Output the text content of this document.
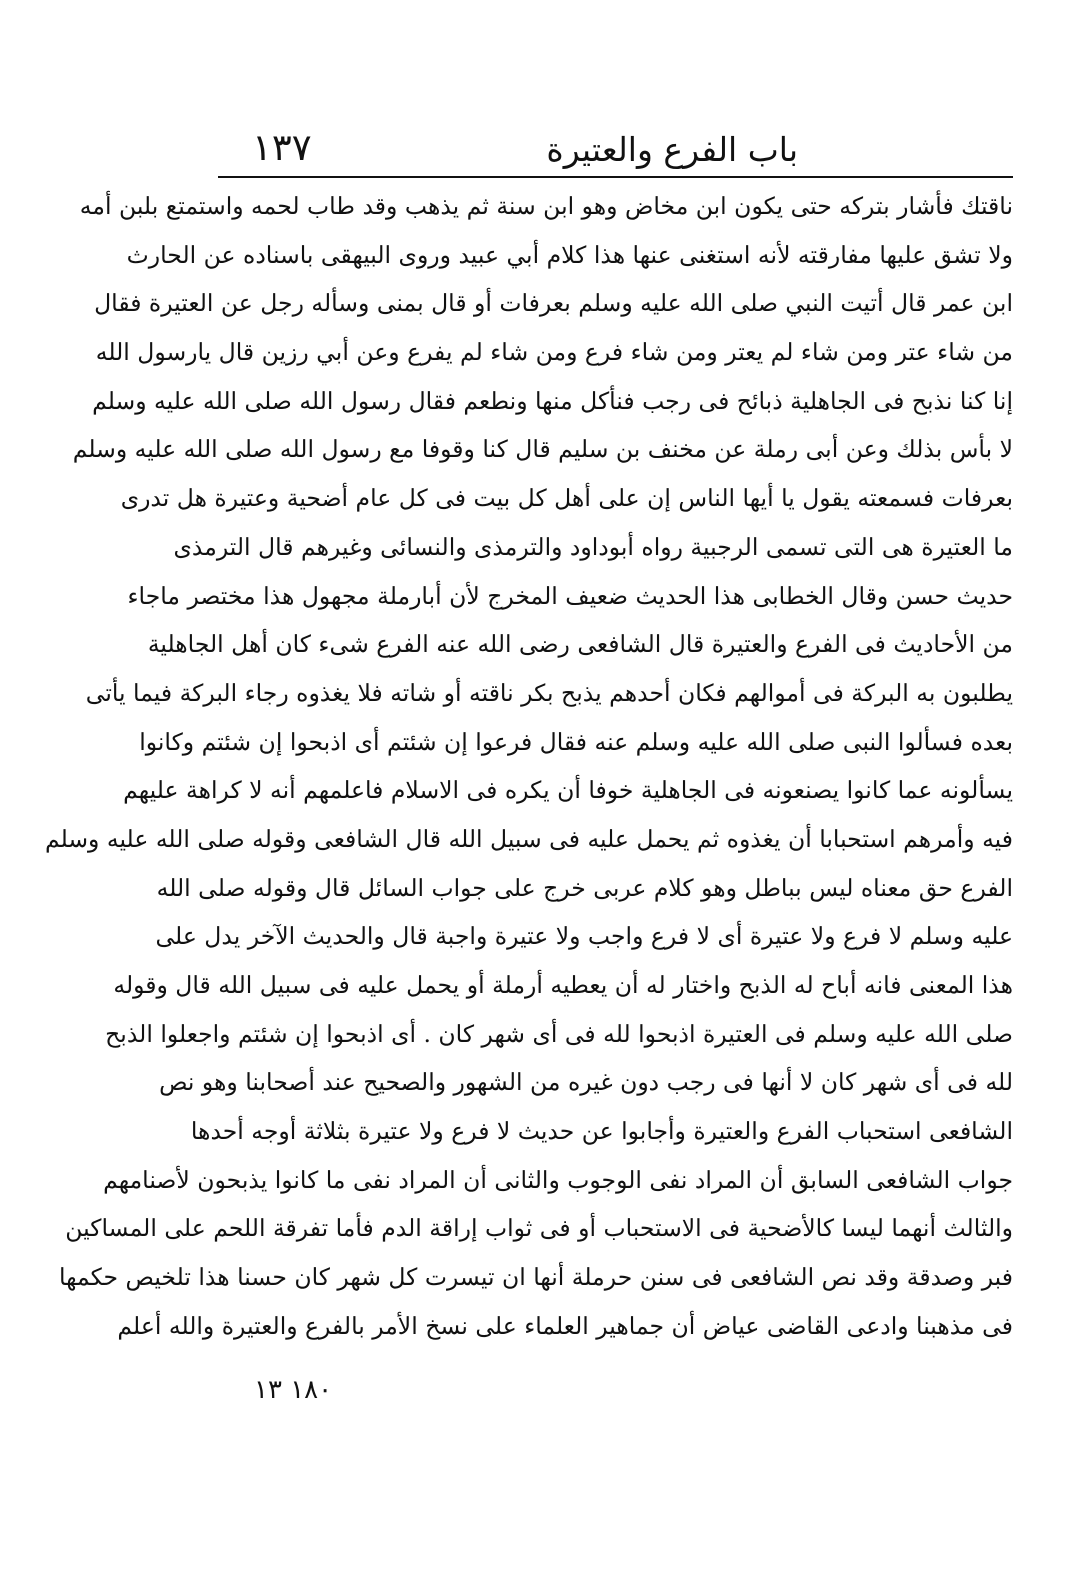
باب الفرع والعتيرة
١٣٧
ناقتك فأشار بتركه حتى يكون ابن مخاض وهو ابن سنة ثم يذهب وقد طاب لحمه واستمتع بلبن أمه
ولا تشق عليها مفارقته لأنه استغنى عنها هذا كلام أبي عبيد وروى البيهقى باسناده عن الحارث
ابن عمر قال أتيت النبي صلى الله عليه وسلم بعرفات أو قال بمنى وسأله رجل عن العتيرة فقال
من شاء عتر ومن شاء لم يعتر ومن شاء فرع ومن شاء لم يفرع وعن أبي رزين قال يارسول الله
إنا كنا نذبح فى الجاهلية ذبائح فى رجب فنأكل منها ونطعم فقال رسول الله صلى الله عليه وسلم
لا بأس بذلك وعن أبى رملة عن مخنف بن سليم قال كنا وقوفا مع رسول الله صلى الله عليه وسلم
بعرفات فسمعته يقول يا أيها الناس إن على أهل كل بيت فى كل عام أضحية وعتيرة هل تدرى
ما العتيرة هى التى تسمى الرجبية رواه أبوداود والترمذى والنسائى وغيرهم قال الترمذى
حديث حسن وقال الخطابى هذا الحديث ضعيف المخرج لأن أبارملة مجهول هذا مختصر ماجاء
من الأحاديث فى الفرع والعتيرة قال الشافعى رضى الله عنه الفرع شىء كان أهل الجاهلية
يطلبون به البركة فى أموالهم فكان أحدهم يذبح بكر ناقته أو شاته فلا يغذوه رجاء البركة فيما يأتى
بعده فسألوا النبى صلى الله عليه وسلم عنه فقال فرعوا إن شئتم أى اذبحوا إن شئتم وكانوا
يسألونه عما كانوا يصنعونه فى الجاهلية خوفا أن يكره فى الاسلام فاعلمهم أنه لا كراهة عليهم
فيه وأمرهم استحبابا أن يغذوه ثم يحمل عليه فى سبيل الله قال الشافعى وقوله صلى الله عليه وسلم
الفرع حق معناه ليس بباطل وهو كلام عربى خرج على جواب السائل قال وقوله صلى الله
عليه وسلم لا فرع ولا عتيرة أى لا فرع واجب ولا عتيرة واجبة قال والحديث الآخر يدل على
هذا المعنى فانه أباح له الذبح واختار له أن يعطيه أرملة أو يحمل عليه فى سبيل الله قال وقوله
صلى الله عليه وسلم فى العتيرة اذبحوا لله فى أى شهر كان . أى اذبحوا إن شئتم واجعلوا الذبح
لله فى أى شهر كان لا أنها فى رجب دون غيره من الشهور والصحيح عند أصحابنا وهو نص
الشافعى استحباب الفرع والعتيرة وأجابوا عن حديث لا فرع ولا عتيرة بثلاثة أوجه أحدها
جواب الشافعى السابق أن المراد نفى الوجوب والثانى أن المراد نفى ما كانوا يذبحون لأصنامهم
والثالث أنهما ليسا كالأضحية فى الاستحباب أو فى ثواب إراقة الدم فأما تفرقة اللحم على المساكين
فبر وصدقة وقد نص الشافعى فى سنن حرملة أنها ان تيسرت كل شهر كان حسنا هذا تلخيص حكمها
فى مذهبنا وادعى القاضى عياض أن جماهير العلماء على نسخ الأمر بالفرع والعتيرة والله أعلم
١٨٠ ١٣
